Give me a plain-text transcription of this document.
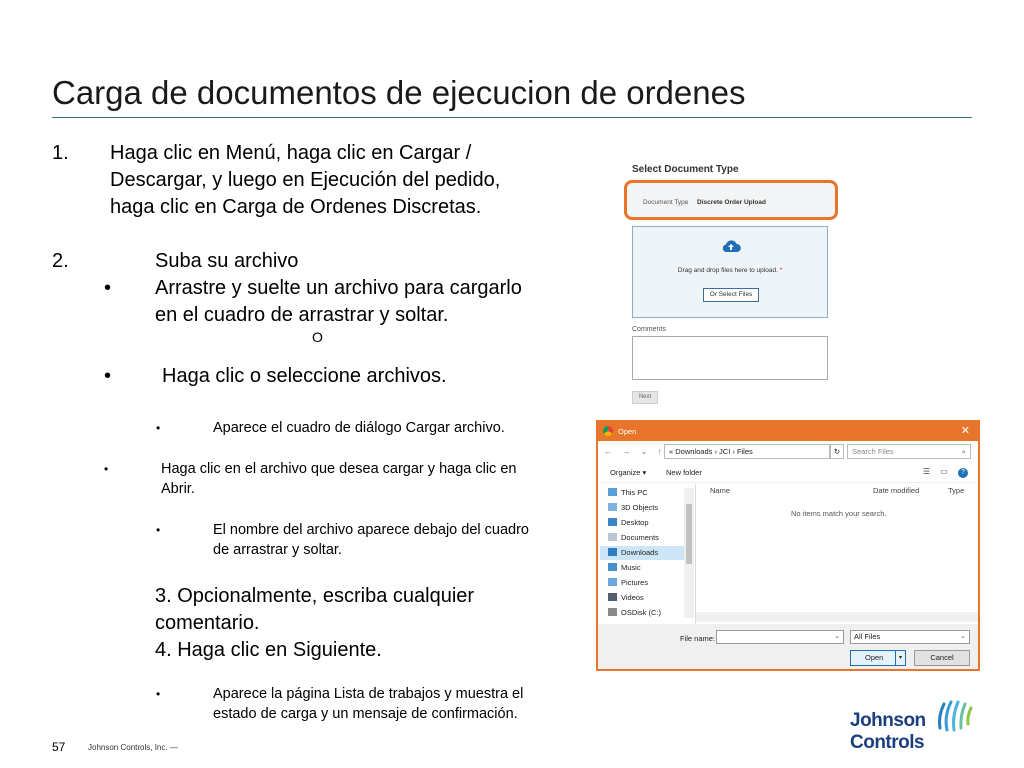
Carga de documentos de ejecucion de ordenes
1. Haga clic en Menú, haga clic en Cargar /
Descargar, y luego en Ejecución del pedido,
haga clic en Carga de Ordenes Discretas.
2.	Suba su archivo
• Arrastre y suelte un archivo para cargarlo
en el cuadro de arrastrar y soltar.
O
•	Haga clic o seleccione archivos.
•	Aparece el cuadro de diálogo Cargar archivo.
•	Haga clic en el archivo que desea cargar y haga clic en
Abrir.
•	El nombre del archivo aparece debajo del cuadro
de arrastrar y soltar.
3. Opcionalmente, escriba cualquier
comentario.
4. Haga clic en Siguiente.
•	Aparece la página Lista de trabajos y muestra el
estado de carga y un mensaje de confirmación.
Select Document Type
Document Type Discrete Order Upload
Drag and drop files here to upload. *
Or Select Files
Comments
Next
Open	✕
← → ⌄ ↑ « Downloads › JCI › Files	↻	Search Files	⌕
Organize ▾	New folder	☰ ▭ ?
This PC
3D Objects
Desktop
Documents
Downloads
Music
Pictures
Videos
OSDisk (C:)
Name	Date modified	Type
No items match your search.
File name:	⌄	All Files	⌄
Open	▾	Cancel
57	Johnson Controls, Inc. —
Johnson
Controls
